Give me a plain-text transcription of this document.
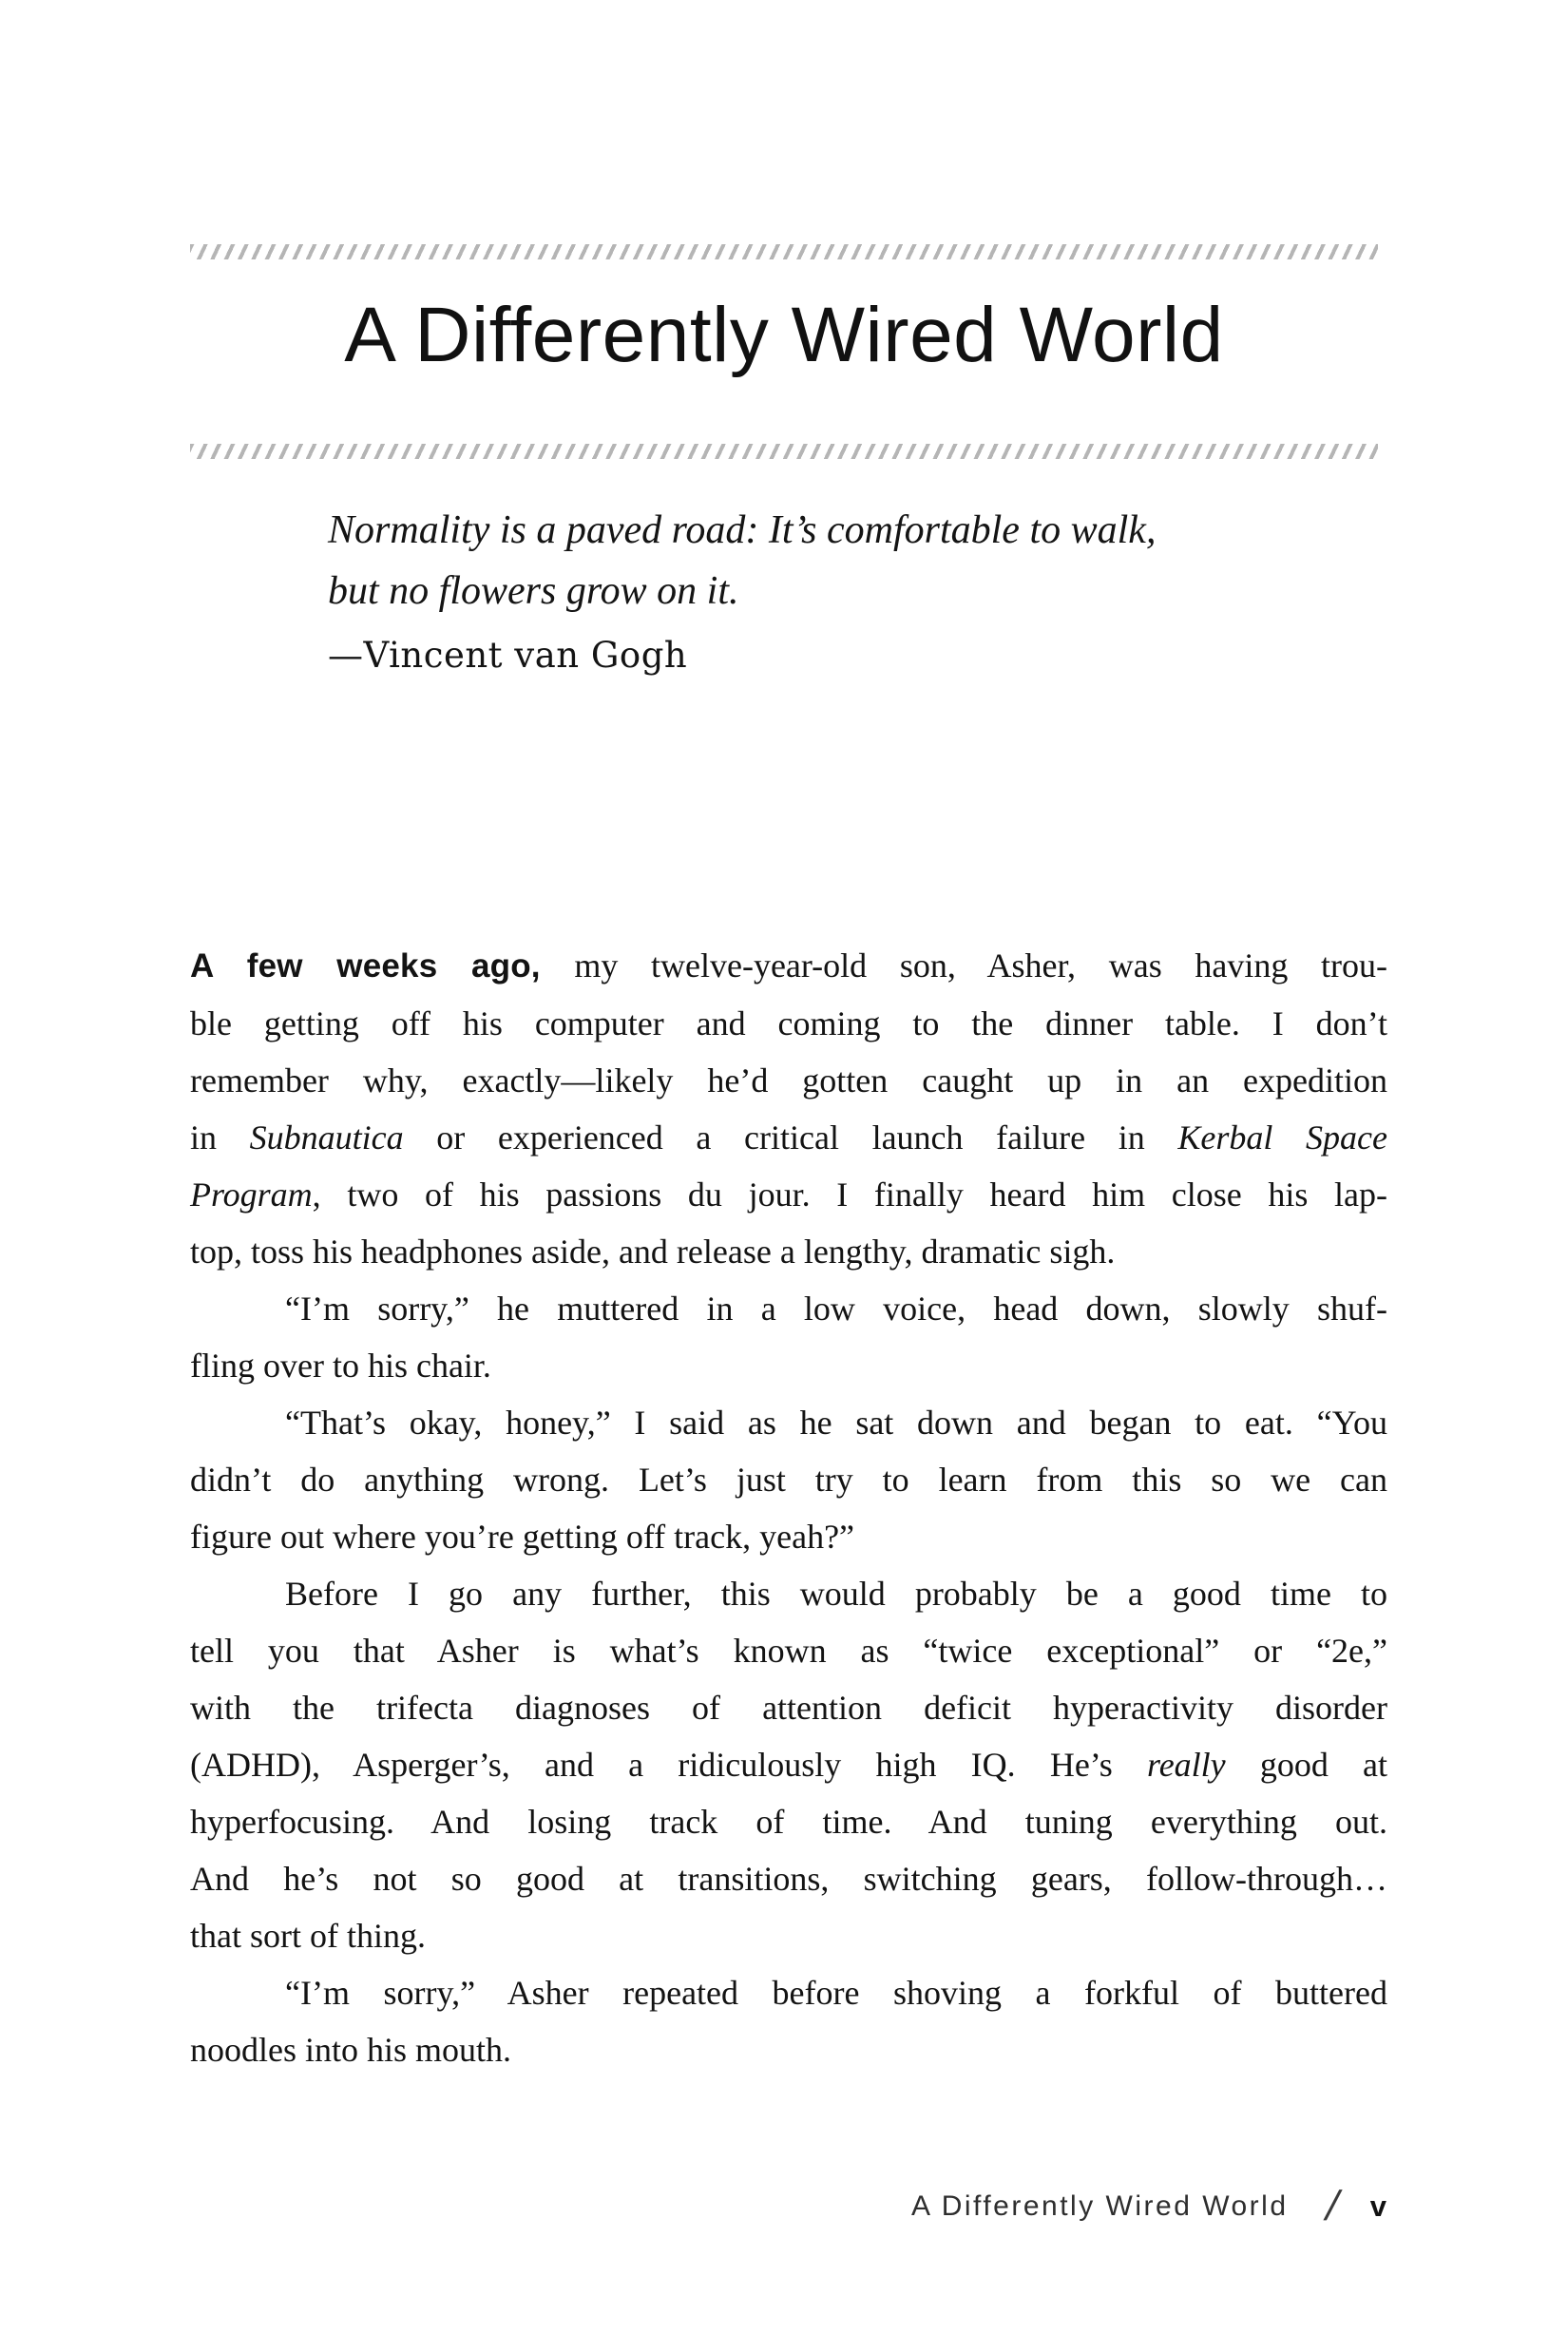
A Differently Wired World
Normality is a paved road: It’s comfortable to walk,
but no flowers grow on it.
—Vincent van Gogh
A few weeks ago, my twelve-year-old son, Asher, was having trou-
ble getting off his computer and coming to the dinner table. I don’t
remember why, exactly—likely he’d gotten caught up in an expedition
in Subnautica or experienced a critical launch failure in Kerbal Space
Program, two of his passions du jour. I finally heard him close his lap-
top, toss his headphones aside, and release a lengthy, dramatic sigh.
“I’m sorry,” he muttered in a low voice, head down, slowly shuf-
fling over to his chair.
“That’s okay, honey,” I said as he sat down and began to eat. “You
didn’t do anything wrong. Let’s just try to learn from this so we can
figure out where you’re getting off track, yeah?”
Before I go any further, this would probably be a good time to
tell you that Asher is what’s known as “twice exceptional” or “2e,”
with the trifecta diagnoses of attention deficit hyperactivity disorder
(ADHD), Asperger’s, and a ridiculously high IQ. He’s really good at
hyperfocusing. And losing track of time. And tuning everything out.
And he’s not so good at transitions, switching gears, follow-through…
that sort of thing.
“I’m sorry,” Asher repeated before shoving a forkful of buttered
noodles into his mouth.
A Differently Wired World / v
